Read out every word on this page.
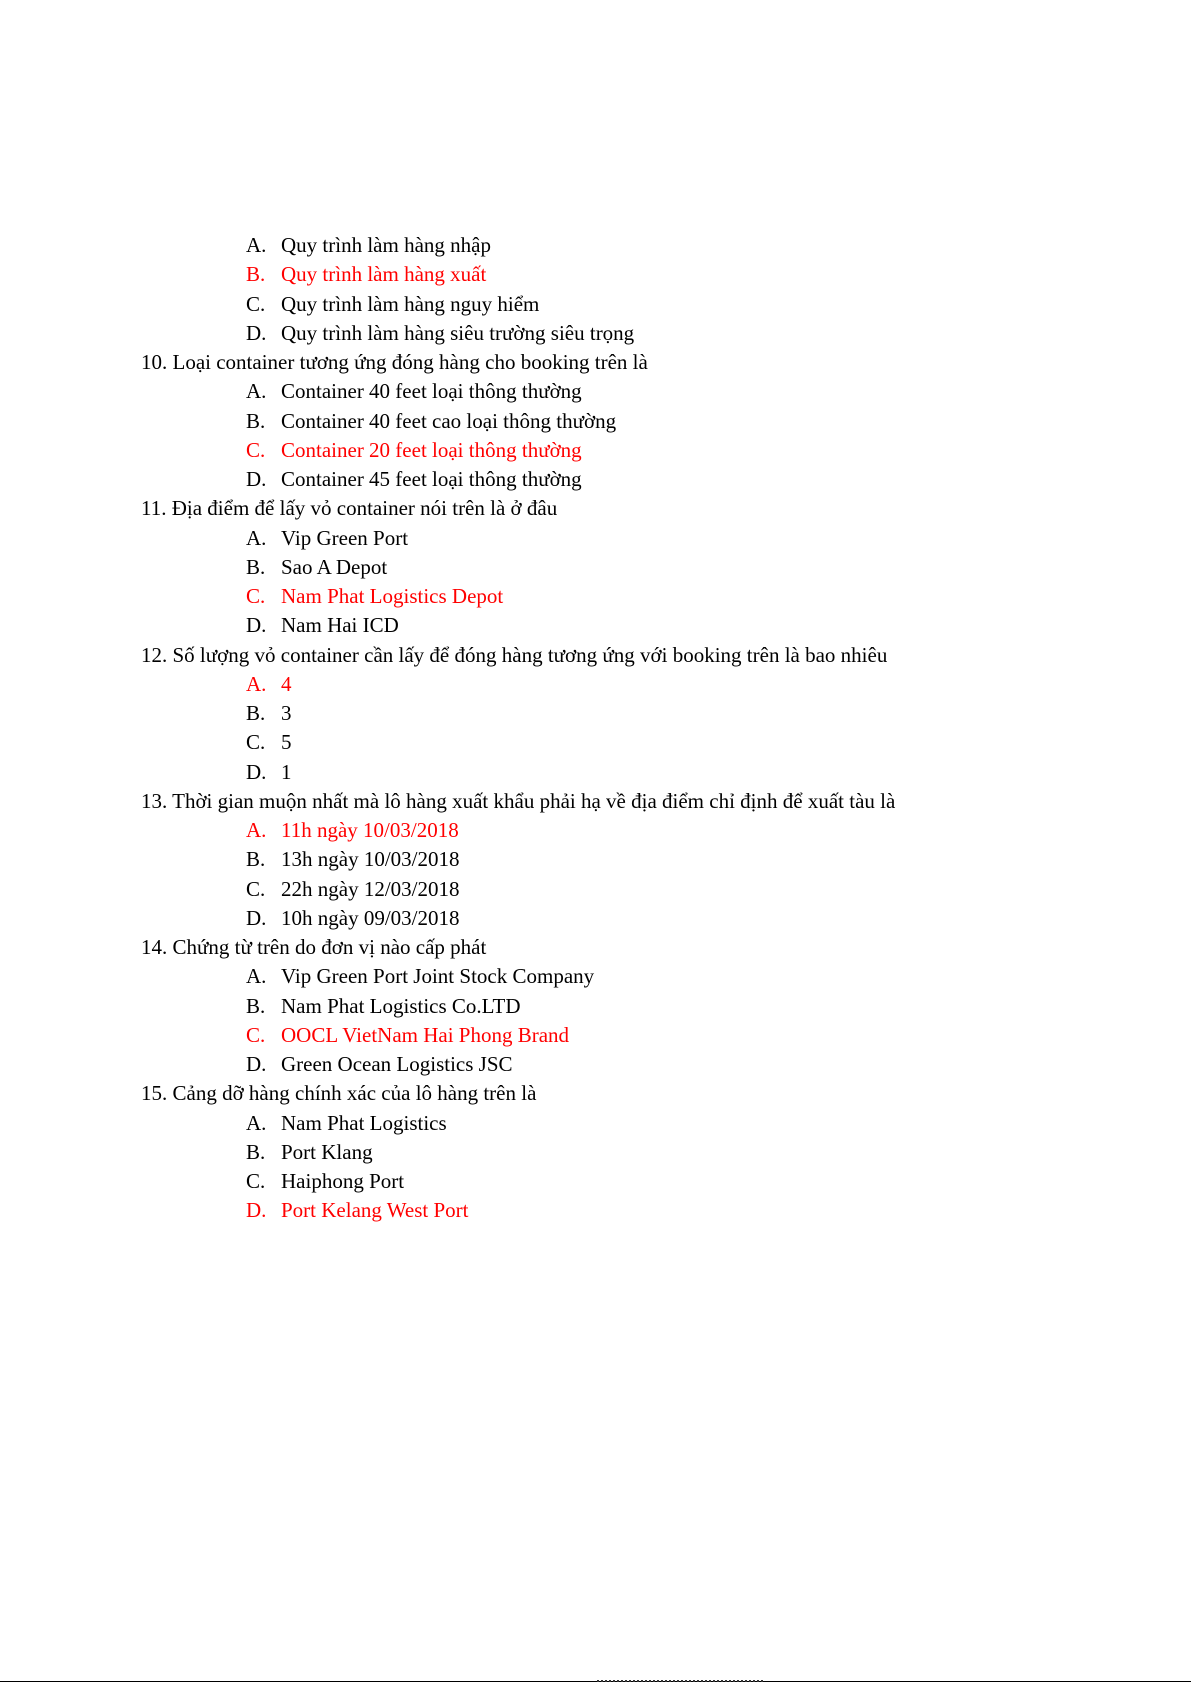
A. Quy trình làm hàng nhập
B. Quy trình làm hàng xuất
C. Quy trình làm hàng nguy hiểm
D. Quy trình làm hàng siêu trường siêu trọng
10. Loại container tương ứng đóng hàng cho booking trên là
A. Container 40 feet loại thông thường
B. Container 40 feet cao loại thông thường
C. Container 20 feet loại thông thường
D. Container 45 feet loại thông thường
11. Địa điểm để lấy vỏ container nói trên là ở đâu
A. Vip Green Port
B. Sao A Depot
C. Nam Phat Logistics Depot
D. Nam Hai ICD
12. Số lượng vỏ container cần lấy để đóng hàng tương ứng với booking trên là bao nhiêu
A. 4
B. 3
C. 5
D. 1
13. Thời gian muộn nhất mà lô hàng xuất khẩu phải hạ về địa điểm chỉ định để xuất tàu là
A. 11h ngày 10/03/2018
B. 13h ngày 10/03/2018
C. 22h ngày 12/03/2018
D. 10h ngày 09/03/2018
14. Chứng từ trên do đơn vị nào cấp phát
A. Vip Green Port Joint Stock Company
B. Nam Phat Logistics Co.LTD
C. OOCL VietNam Hai Phong Brand
D. Green Ocean Logistics JSC
15. Cảng dỡ hàng chính xác của lô hàng trên là
A. Nam Phat Logistics
B. Port Klang
C. Haiphong Port
D. Port Kelang West Port
